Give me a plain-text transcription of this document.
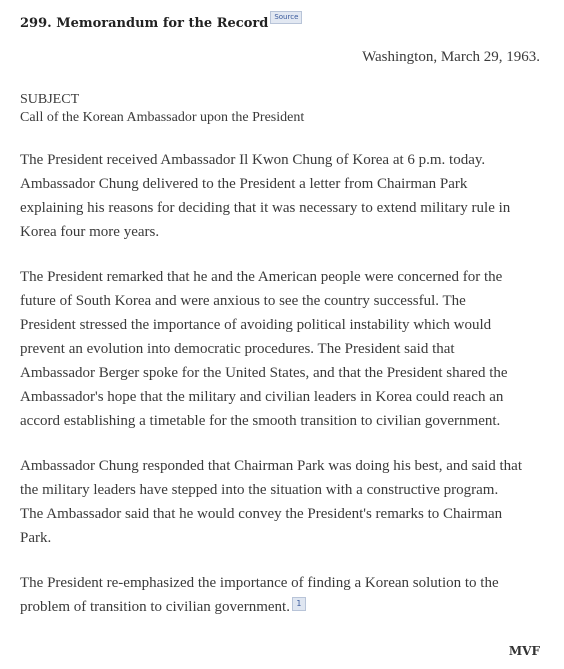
299. Memorandum for the Record Source
Washington, March 29, 1963.
SUBJECT
Call of the Korean Ambassador upon the President
The President received Ambassador Il Kwon Chung of Korea at 6 p.m. today.
Ambassador Chung delivered to the President a letter from Chairman Park
explaining his reasons for deciding that it was necessary to extend military rule in
Korea four more years.
The President remarked that he and the American people were concerned for the
future of South Korea and were anxious to see the country successful. The
President stressed the importance of avoiding political instability which would
prevent an evolution into democratic procedures. The President said that
Ambassador Berger spoke for the United States, and that the President shared the
Ambassador's hope that the military and civilian leaders in Korea could reach an
accord establishing a timetable for the smooth transition to civilian government.
Ambassador Chung responded that Chairman Park was doing his best, and said that
the military leaders have stepped into the situation with a constructive program.
The Ambassador said that he would convey the President's remarks to Chairman
Park.
The President re-emphasized the importance of finding a Korean solution to the
problem of transition to civilian government. 1
MVF
